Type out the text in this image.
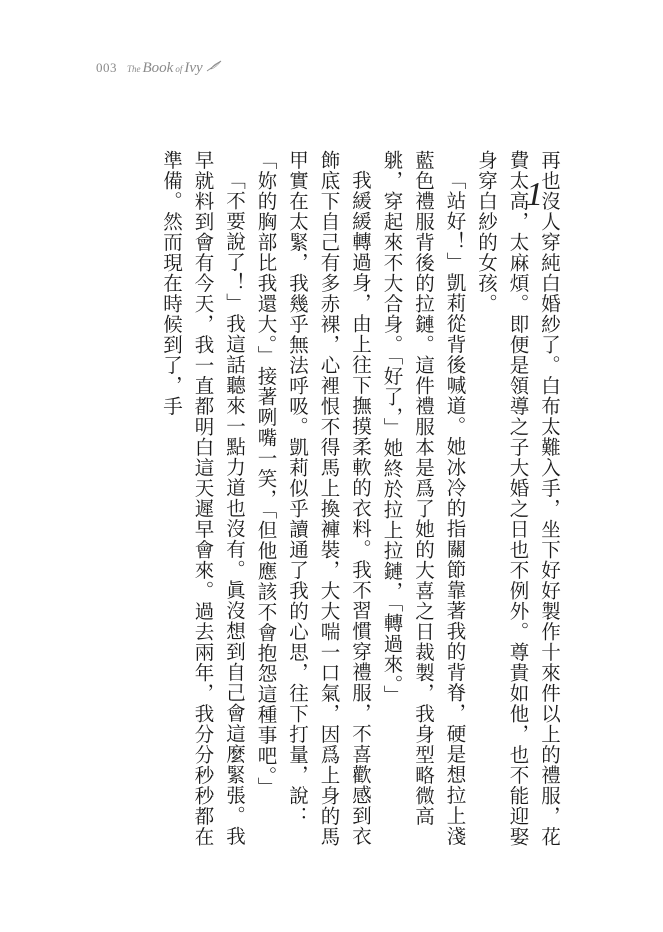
003 The Book of Ivy
1

再也沒人穿純白婚紗了。白布太難入手，坐下好好製作十來件以上的禮服，花費太高，太麻煩。即便是領導之子大婚之日也不例外。尊貴如他，也不能迎娶身穿白紗的女孩。

「站好！」凱莉從背後喊道。她冰冷的指關節靠著我的背脊，硬是想拉上淺藍色禮服背後的拉鏈。這件禮服本是爲了她的大喜之日裁製，我身型略微高䠷，穿起來不大合身。「好了，」她終於拉上拉鏈，「轉過來。」

我緩緩轉過身，由上往下撫摸柔軟的衣料。我不習慣穿禮服，不喜歡感到衣飾底下自己有多赤裸，心裡恨不得馬上換褲裝，大大喘一口氣，因爲上身的馬甲實在太緊，我幾乎無法呼吸。凱莉似乎讀通了我的心思，往下打量，說：「妳的胸部比我還大。」接著咧嘴一笑，「但他應該不會抱怨這種事吧。」

「不要說了！」我這話聽來一點力道也沒有。眞沒想到自己會這麼緊張。我早就料到會有今天，我一直都明白這天遲早會來。過去兩年，我分分秒秒都在準備。然而現在時候到了，手
